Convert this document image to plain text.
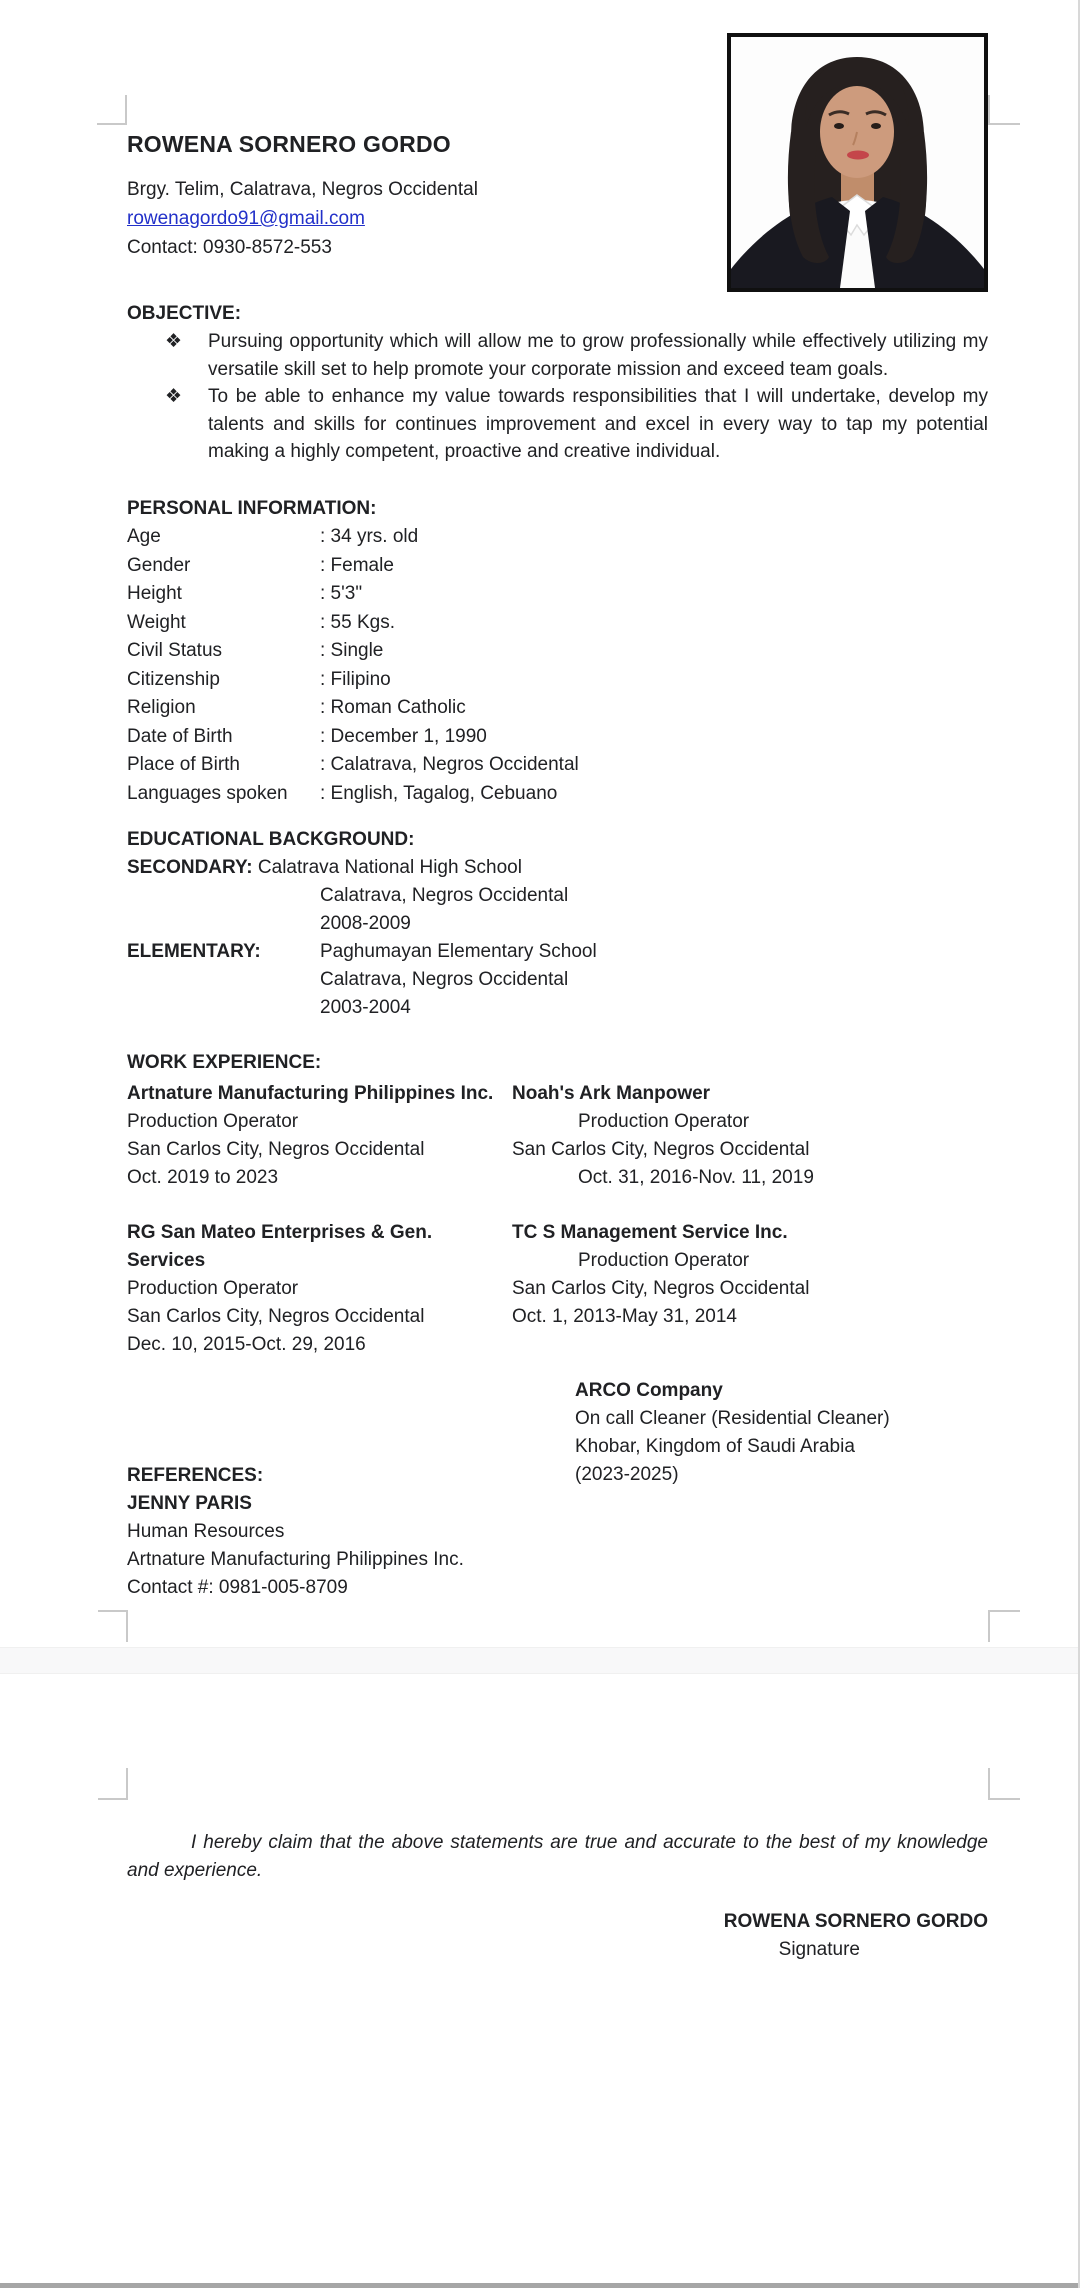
ROWENA SORNERO GORDO

Brgy. Telim, Calatrava, Negros Occidental

rowenagordo91@gmail.com

Contact: 0930-8572-553

OBJECTIVE:

❖ Pursuing opportunity which will allow me to grow professionally while effectively utilizing my versatile skill set to help promote your corporate mission and exceed team goals.
❖ To be able to enhance my value towards responsibilities that I will undertake, develop my talents and skills for continues improvement and excel in every way to tap my potential making a highly competent, proactive and creative individual.

PERSONAL INFORMATION:

Age	: 34 yrs. old
Gender	: Female
Height	: 5'3"
Weight	: 55 Kgs.
Civil Status	: Single
Citizenship	: Filipino
Religion	: Roman Catholic
Date of Birth	: December 1, 1990
Place of Birth	: Calatrava, Negros Occidental
Languages spoken	: English, Tagalog, Cebuano

EDUCATIONAL BACKGROUND:

SECONDARY: Calatrava National High School

Calatrava, Negros Occidental

2008-2009

ELEMENTARY:	Paghumayan Elementary School

Calatrava, Negros Occidental

2003-2004

WORK EXPERIENCE:

Artnature Manufacturing Philippines Inc.

Production Operator

San Carlos City, Negros Occidental

Oct. 2019 to 2023

Noah's Ark Manpower

Production Operator

San Carlos City, Negros Occidental

Oct. 31, 2016-Nov. 11, 2019

RG San Mateo Enterprises & Gen. Services

Production Operator

San Carlos City, Negros Occidental

Dec. 10, 2015-Oct. 29, 2016

TC S Management Service Inc.

Production Operator

San Carlos City, Negros Occidental

Oct. 1, 2013-May 31, 2014

ARCO Company

On call Cleaner (Residential Cleaner)

Khobar, Kingdom of Saudi Arabia

(2023-2025)

REFERENCES:

JENNY PARIS

Human Resources

Artnature Manufacturing Philippines Inc.

Contact #: 0981-005-8709

I hereby claim that the above statements are true and accurate to the best of my knowledge and experience.

ROWENA SORNERO GORDO

Signature
